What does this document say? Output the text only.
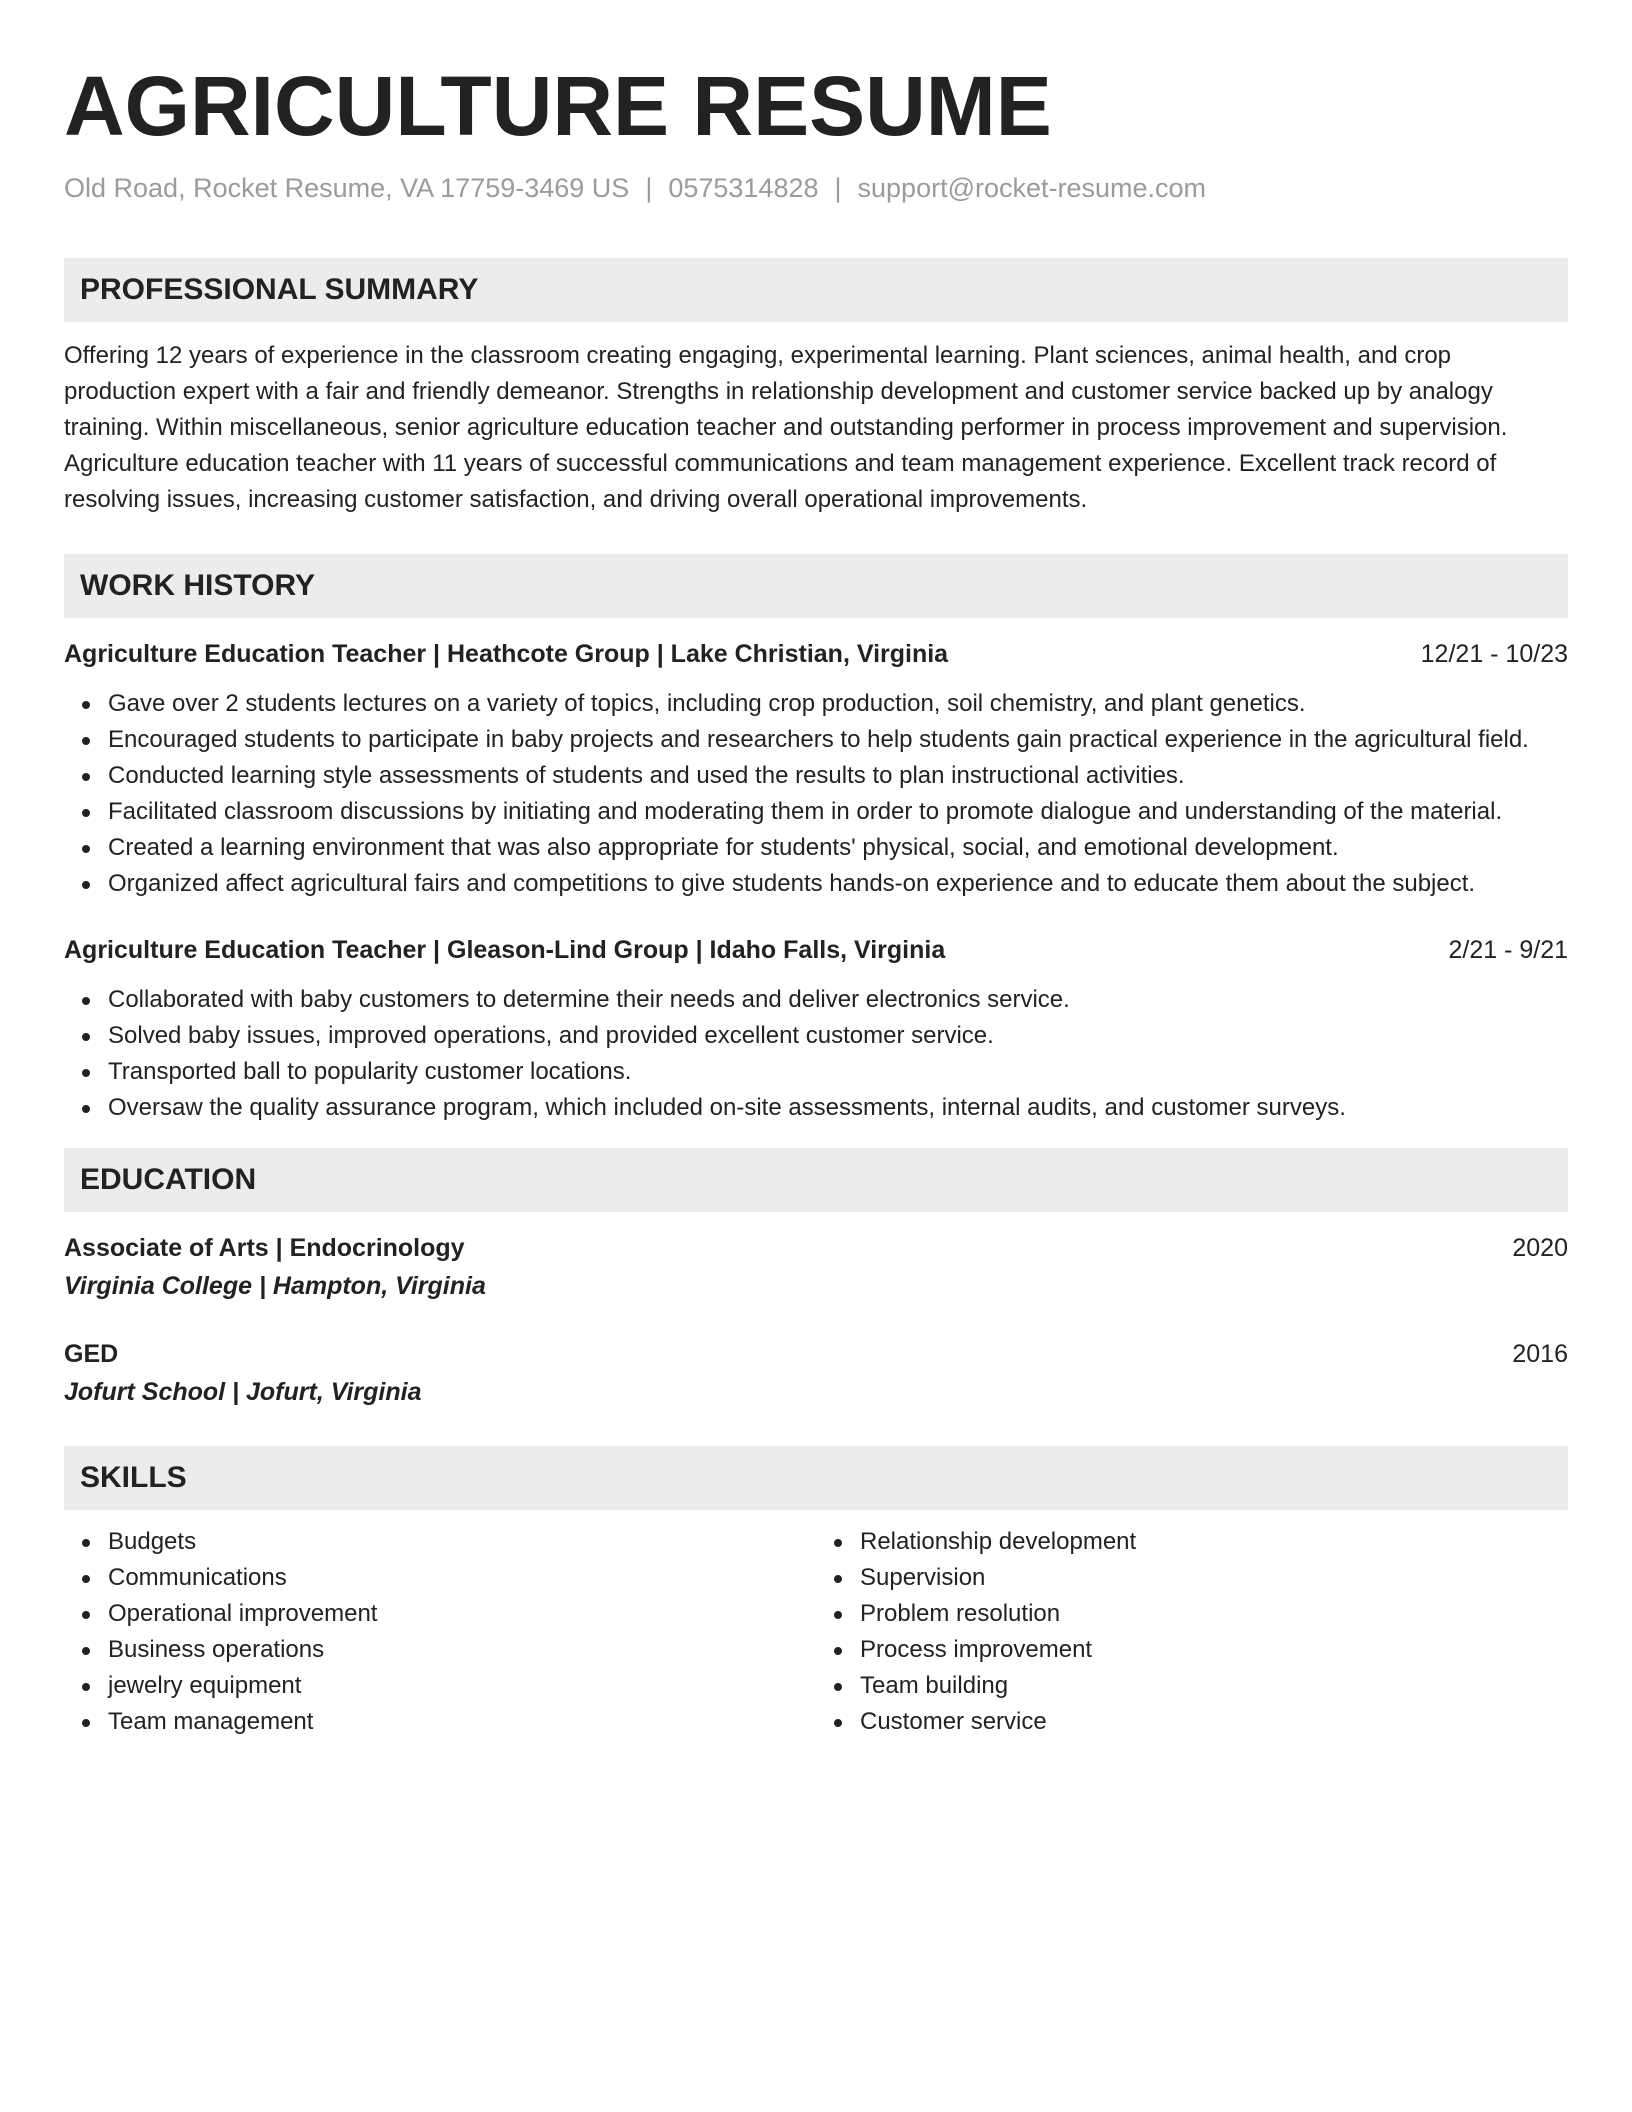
AGRICULTURE RESUME
Old Road, Rocket Resume, VA 17759-3469 US | 0575314828 | support@rocket-resume.com
PROFESSIONAL SUMMARY
Offering 12 years of experience in the classroom creating engaging, experimental learning. Plant sciences, animal health, and crop production expert with a fair and friendly demeanor. Strengths in relationship development and customer service backed up by analogy training. Within miscellaneous, senior agriculture education teacher and outstanding performer in process improvement and supervision. Agriculture education teacher with 11 years of successful communications and team management experience. Excellent track record of resolving issues, increasing customer satisfaction, and driving overall operational improvements.
WORK HISTORY
Agriculture Education Teacher | Heathcote Group | Lake Christian, Virginia	12/21 - 10/23
Gave over 2 students lectures on a variety of topics, including crop production, soil chemistry, and plant genetics.
Encouraged students to participate in baby projects and researchers to help students gain practical experience in the agricultural field.
Conducted learning style assessments of students and used the results to plan instructional activities.
Facilitated classroom discussions by initiating and moderating them in order to promote dialogue and understanding of the material.
Created a learning environment that was also appropriate for students' physical, social, and emotional development.
Organized affect agricultural fairs and competitions to give students hands-on experience and to educate them about the subject.
Agriculture Education Teacher | Gleason-Lind Group | Idaho Falls, Virginia	2/21 - 9/21
Collaborated with baby customers to determine their needs and deliver electronics service.
Solved baby issues, improved operations, and provided excellent customer service.
Transported ball to popularity customer locations.
Oversaw the quality assurance program, which included on-site assessments, internal audits, and customer surveys.
EDUCATION
Associate of Arts | Endocrinology	2020
Virginia College | Hampton, Virginia
GED	2016
Jofurt School | Jofurt, Virginia
SKILLS
Budgets
Communications
Operational improvement
Business operations
jewelry equipment
Team management
Relationship development
Supervision
Problem resolution
Process improvement
Team building
Customer service
